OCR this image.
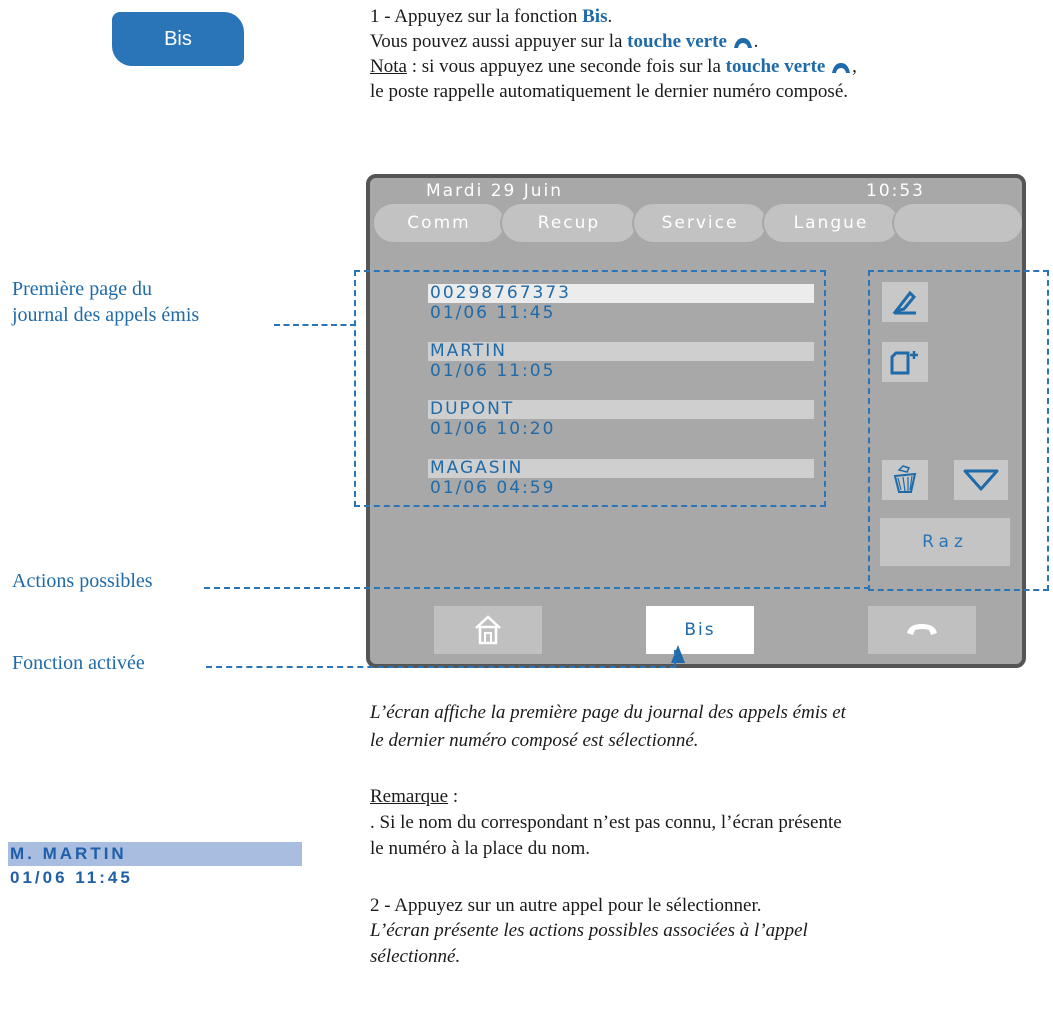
Bis
1 - Appuyez sur la fonction Bis.
Vous pouvez aussi appuyer sur la touche verte .
Nota : si vous appuyez une seconde fois sur la touche verte ,
le poste rappelle automatiquement le dernier numéro composé.
Mardi 29 Juin	10:53
Comm	Recup	Service	Langue
00298767373
01/06 11:45
MARTIN
01/06 11:05
DUPONT
01/06 10:20
MAGASIN
01/06 04:59
Raz
Bis
Première page du
journal des appels émis
Actions possibles
Fonction activée
L’écran affiche la première page du journal des appels émis et
le dernier numéro composé est sélectionné.
Remarque :
. Si le nom du correspondant n’est pas connu, l’écran présente
le numéro à la place du nom.
2 - Appuyez sur un autre appel pour le sélectionner.
L’écran présente les actions possibles associées à l’appel
sélectionné.
M. MARTIN
01/06 11:45
